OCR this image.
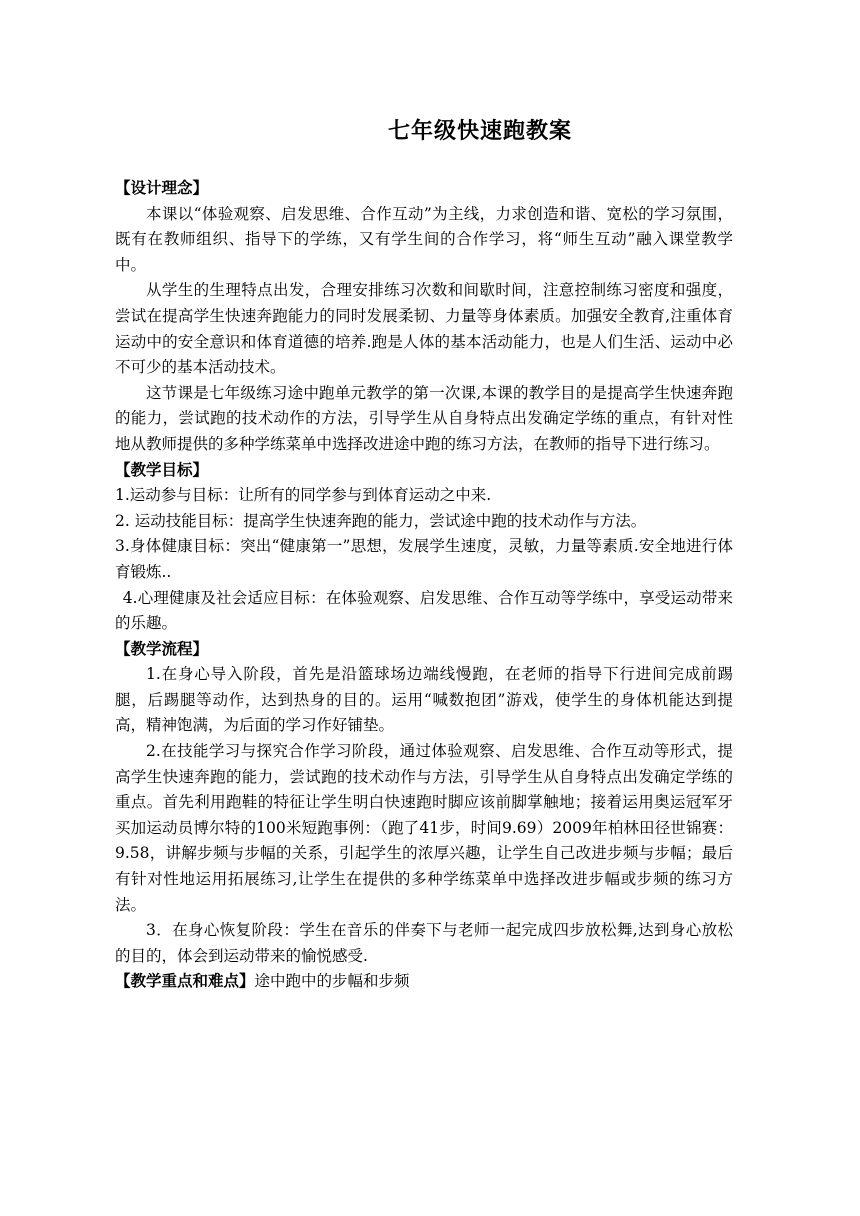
七年级快速跑教案

【设计理念】

本课以“体验观察、启发思维、合作互动”为主线，力求创造和谐、宽松的学习氛围，既有在教师组织、指导下的学练，又有学生间的合作学习，将“师生互动”融入课堂教学中。

从学生的生理特点出发，合理安排练习次数和间歇时间，注意控制练习密度和强度，尝试在提高学生快速奔跑能力的同时发展柔韧、力量等身体素质。加强安全教育,注重体育运动中的安全意识和体育道德的培养.跑是人体的基本活动能力，也是人们生活、运动中必不可少的基本活动技术。

这节课是七年级练习途中跑单元教学的第一次课,本课的教学目的是提高学生快速奔跑的能力，尝试跑的技术动作的方法，引导学生从自身特点出发确定学练的重点，有针对性地从教师提供的多种学练菜单中选择改进途中跑的练习方法，在教师的指导下进行练习。

【教学目标】

1.运动参与目标：让所有的同学参与到体育运动之中来.

2. 运动技能目标：提高学生快速奔跑的能力，尝试途中跑的技术动作与方法。

3.身体健康目标：突出“健康第一”思想，发展学生速度，灵敏，力量等素质.安全地进行体育锻炼..

4.心理健康及社会适应目标：在体验观察、启发思维、合作互动等学练中，享受运动带来的乐趣。

【教学流程】

1.在身心导入阶段，首先是沿篮球场边端线慢跑，在老师的指导下行进间完成前踢腿，后踢腿等动作，达到热身的目的。运用“喊数抱团”游戏，使学生的身体机能达到提高，精神饱满，为后面的学习作好铺垫。

2.在技能学习与探究合作学习阶段，通过体验观察、启发思维、合作互动等形式，提高学生快速奔跑的能力，尝试跑的技术动作与方法，引导学生从自身特点出发确定学练的重点。首先利用跑鞋的特征让学生明白快速跑时脚应该前脚掌触地；接着运用奥运冠军牙买加运动员博尔特的100米短跑事例：（跑了41步，时间9.69）2009年柏林田径世锦赛：9.58，讲解步频与步幅的关系，引起学生的浓厚兴趣，让学生自己改进步频与步幅；最后有针对性地运用拓展练习,让学生在提供的多种学练菜单中选择改进步幅或步频的练习方法。

3．在身心恢复阶段：学生在音乐的伴奏下与老师一起完成四步放松舞,达到身心放松的目的，体会到运动带来的愉悦感受.

【教学重点和难点】途中跑中的步幅和步频
